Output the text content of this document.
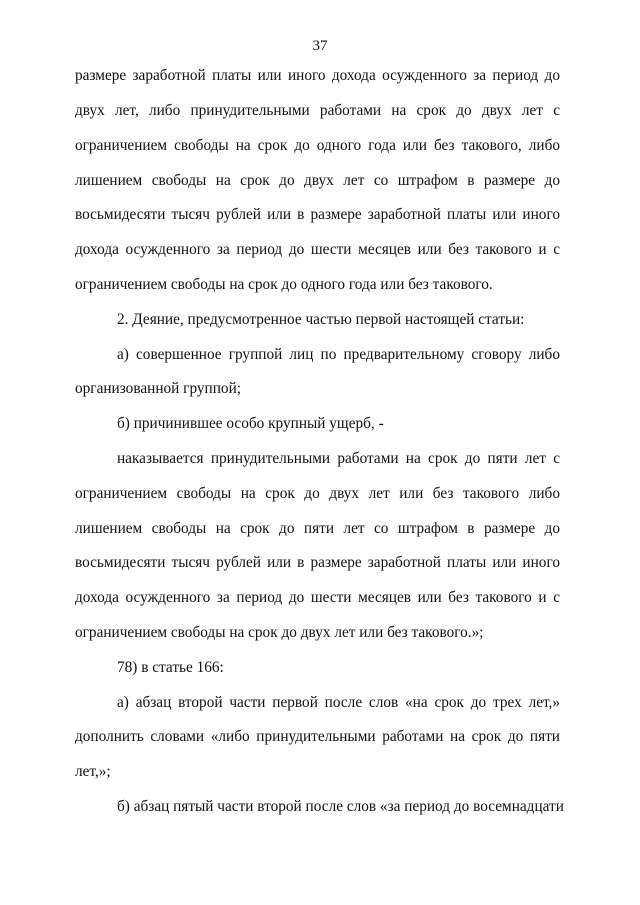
37
размере заработной платы или иного дохода осужденного за период до
двух лет, либо принудительными работами на срок до двух лет с
ограничением свободы на срок до одного года или без такового, либо
лишением свободы на срок до двух лет со штрафом в размере до
восьмидесяти тысяч рублей или в размере заработной платы или иного
дохода осужденного за период до шести месяцев или без такового и с
ограничением свободы на срок до одного года или без такового.
2. Деяние, предусмотренное частью первой настоящей статьи:
а) совершенное группой лиц по предварительному сговору либо
организованной группой;
б) причинившее особо крупный ущерб, -
наказывается принудительными работами на срок до пяти лет с
ограничением свободы на срок до двух лет или без такового либо
лишением свободы на срок до пяти лет со штрафом в размере до
восьмидесяти тысяч рублей или в размере заработной платы или иного
дохода осужденного за период до шести месяцев или без такового и с
ограничением свободы на срок до двух лет или без такового.»;
78) в статье 166:
а) абзац второй части первой после слов «на срок до трех лет,»
дополнить словами «либо принудительными работами на срок до пяти
лет,»;
б) абзац пятый части второй после слов «за период до восемнадцати
